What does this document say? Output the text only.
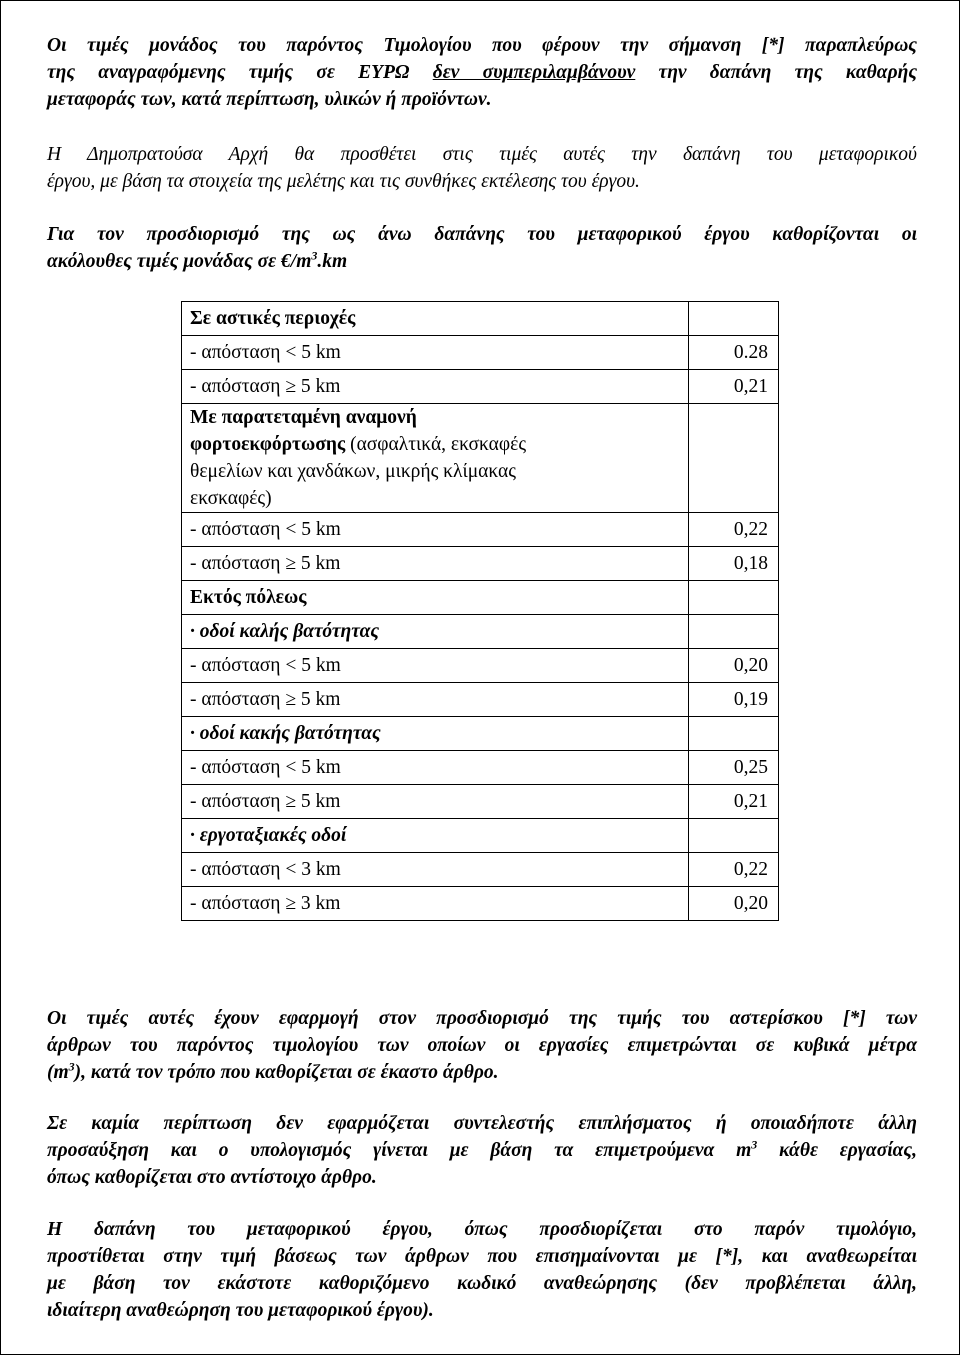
Οι τιμές μονάδος του παρόντος Τιμολογίου που φέρουν την σήμανση [*] παραπλεύρως
της αναγραφόμενης τιμής σε ΕΥΡΩ δεν συμπεριλαμβάνουν την δαπάνη της καθαρής
μεταφοράς των, κατά περίπτωση, υλικών ή προϊόντων.
Η Δημοπρατούσα Αρχή θα προσθέτει στις τιμές αυτές την δαπάνη του μεταφορικού
έργου, με βάση τα στοιχεία της μελέτης και τις συνθήκες εκτέλεσης του έργου.
Για τον προσδιορισμό της ως άνω δαπάνης του μεταφορικού έργου καθορίζονται οι
ακόλουθες τιμές μονάδας σε $€/m^3.km$
Σε αστικές περιοχές	
- απόσταση < 5 km	0.28
- απόσταση ≥ 5 km	0,21
Με παρατεταμένη αναμονή
φορτοεκφόρτωσης (ασφαλτικά, εκσκαφές
θεμελίων και χανδάκων, μικρής κλίμακας
εκσκαφές)	
- απόσταση < 5 km	0,22
- απόσταση ≥ 5 km	0,18
Εκτός πόλεως	
· οδοί καλής βατότητας	
- απόσταση < 5 km	0,20
- απόσταση ≥ 5 km	0,19
· οδοί κακής βατότητας	
- απόσταση < 5 km	0,25
- απόσταση ≥ 5 km	0,21
· εργοταξιακές οδοί	
- απόσταση < 3 km	0,22
- απόσταση ≥ 3 km	0,20
Οι τιμές αυτές έχουν εφαρμογή στον προσδιορισμό της τιμής του αστερίσκου [*] των
άρθρων του παρόντος τιμολογίου των οποίων οι εργασίες επιμετρώνται σε κυβικά μέτρα
$(m^3)$, κατά τον τρόπο που καθορίζεται σε έκαστο άρθρο.
Σε καμία περίπτωση δεν εφαρμόζεται συντελεστής επιπλήσματος ή οποιαδήποτε άλλη
προσαύξηση και ο υπολογισμός γίνεται με βάση τα επιμετρούμενα $m^3$ κάθε εργασίας,
όπως καθορίζεται στο αντίστοιχο άρθρο.
Η δαπάνη του μεταφορικού έργου, όπως προσδιορίζεται στο παρόν τιμολόγιο,
προστίθεται στην τιμή βάσεως των άρθρων που επισημαίνονται με [*], και αναθεωρείται
με βάση τον εκάστοτε καθοριζόμενο κωδικό αναθεώρησης (δεν προβλέπεται άλλη,
ιδιαίτερη αναθεώρηση του μεταφορικού έργου).
